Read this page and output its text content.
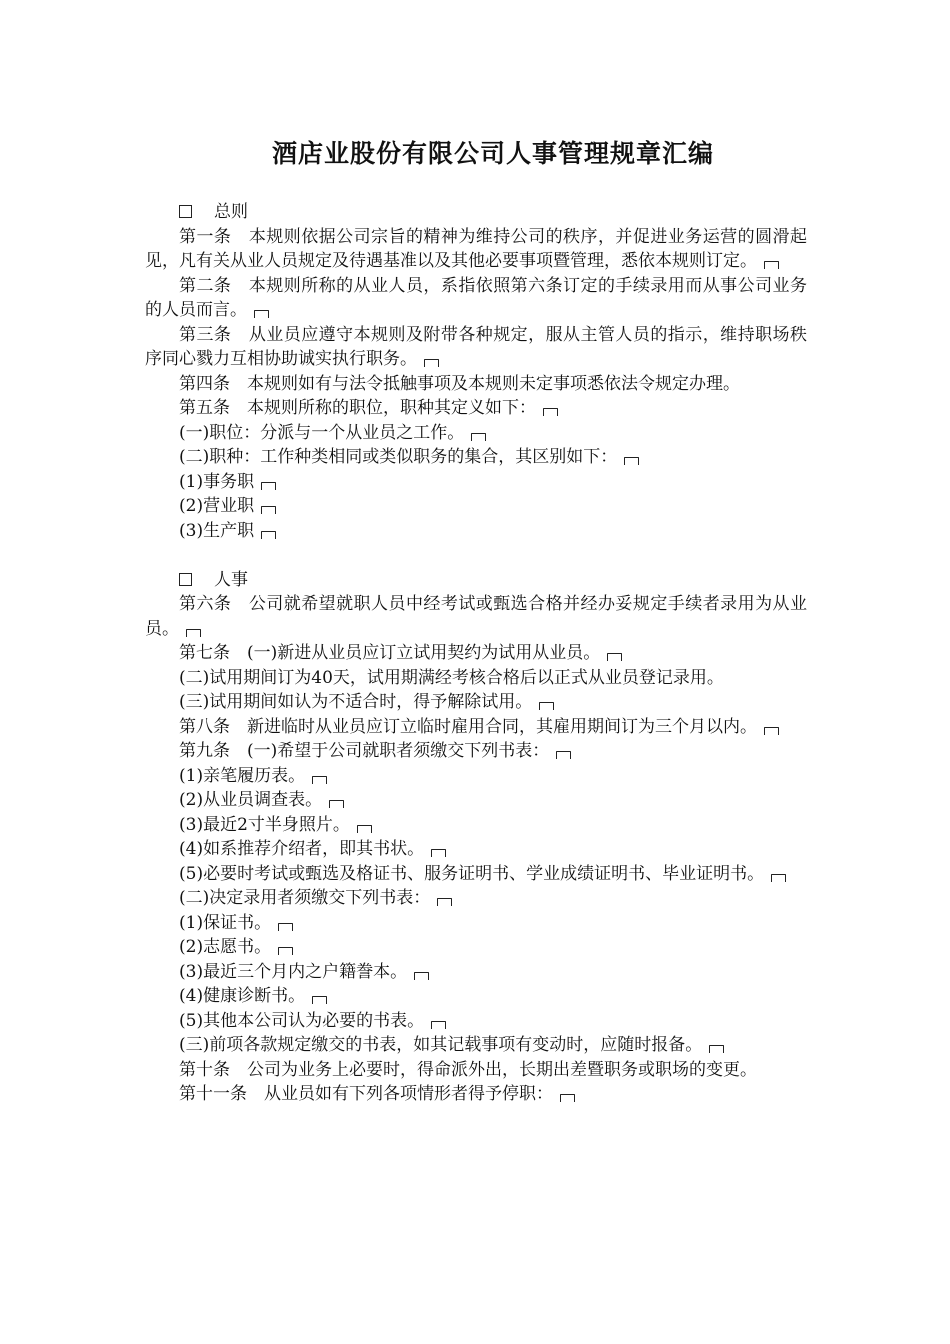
酒店业股份有限公司人事管理规章汇编

总则

第一条　本规则依据公司宗旨的精神为维持公司的秩序，并促进业务运营的圆滑起见，凡有关从业人员规定及待遇基准以及其他必要事项暨管理，悉依本规则订定。

第二条　本规则所称的从业人员，系指依照第六条订定的手续录用而从事公司业务的人员而言。

第三条　从业员应遵守本规则及附带各种规定，服从主管人员的指示，维持职场秩序同心戮力互相协助诚实执行职务。

第四条　本规则如有与法令抵触事项及本规则未定事项悉依法令规定办理。

第五条　本规则所称的职位，职种其定义如下：

(一)职位：分派与一个从业员之工作。

(二)职种：工作种类相同或类似职务的集合，其区别如下：

(1)事务职

(2)营业职

(3)生产职

人事

第六条　公司就希望就职人员中经考试或甄选合格并经办妥规定手续者录用为从业员。

第七条　(一)新进从业员应订立试用契约为试用从业员。

(二)试用期间订为40天，试用期满经考核合格后以正式从业员登记录用。

(三)试用期间如认为不适合时，得予解除试用。

第八条　新进临时从业员应订立临时雇用合同，其雇用期间订为三个月以内。

第九条　(一)希望于公司就职者须缴交下列书表：

(1)亲笔履历表。

(2)从业员调查表。

(3)最近2寸半身照片。

(4)如系推荐介绍者，即其书状。

(5)必要时考试或甄选及格证书、服务证明书、学业成绩证明书、毕业证明书。

(二)决定录用者须缴交下列书表：

(1)保证书。

(2)志愿书。

(3)最近三个月内之户籍誊本。

(4)健康诊断书。

(5)其他本公司认为必要的书表。

(三)前项各款规定缴交的书表，如其记载事项有变动时，应随时报备。

第十条　公司为业务上必要时，得命派外出，长期出差暨职务或职场的变更。

第十一条　从业员如有下列各项情形者得予停职：
